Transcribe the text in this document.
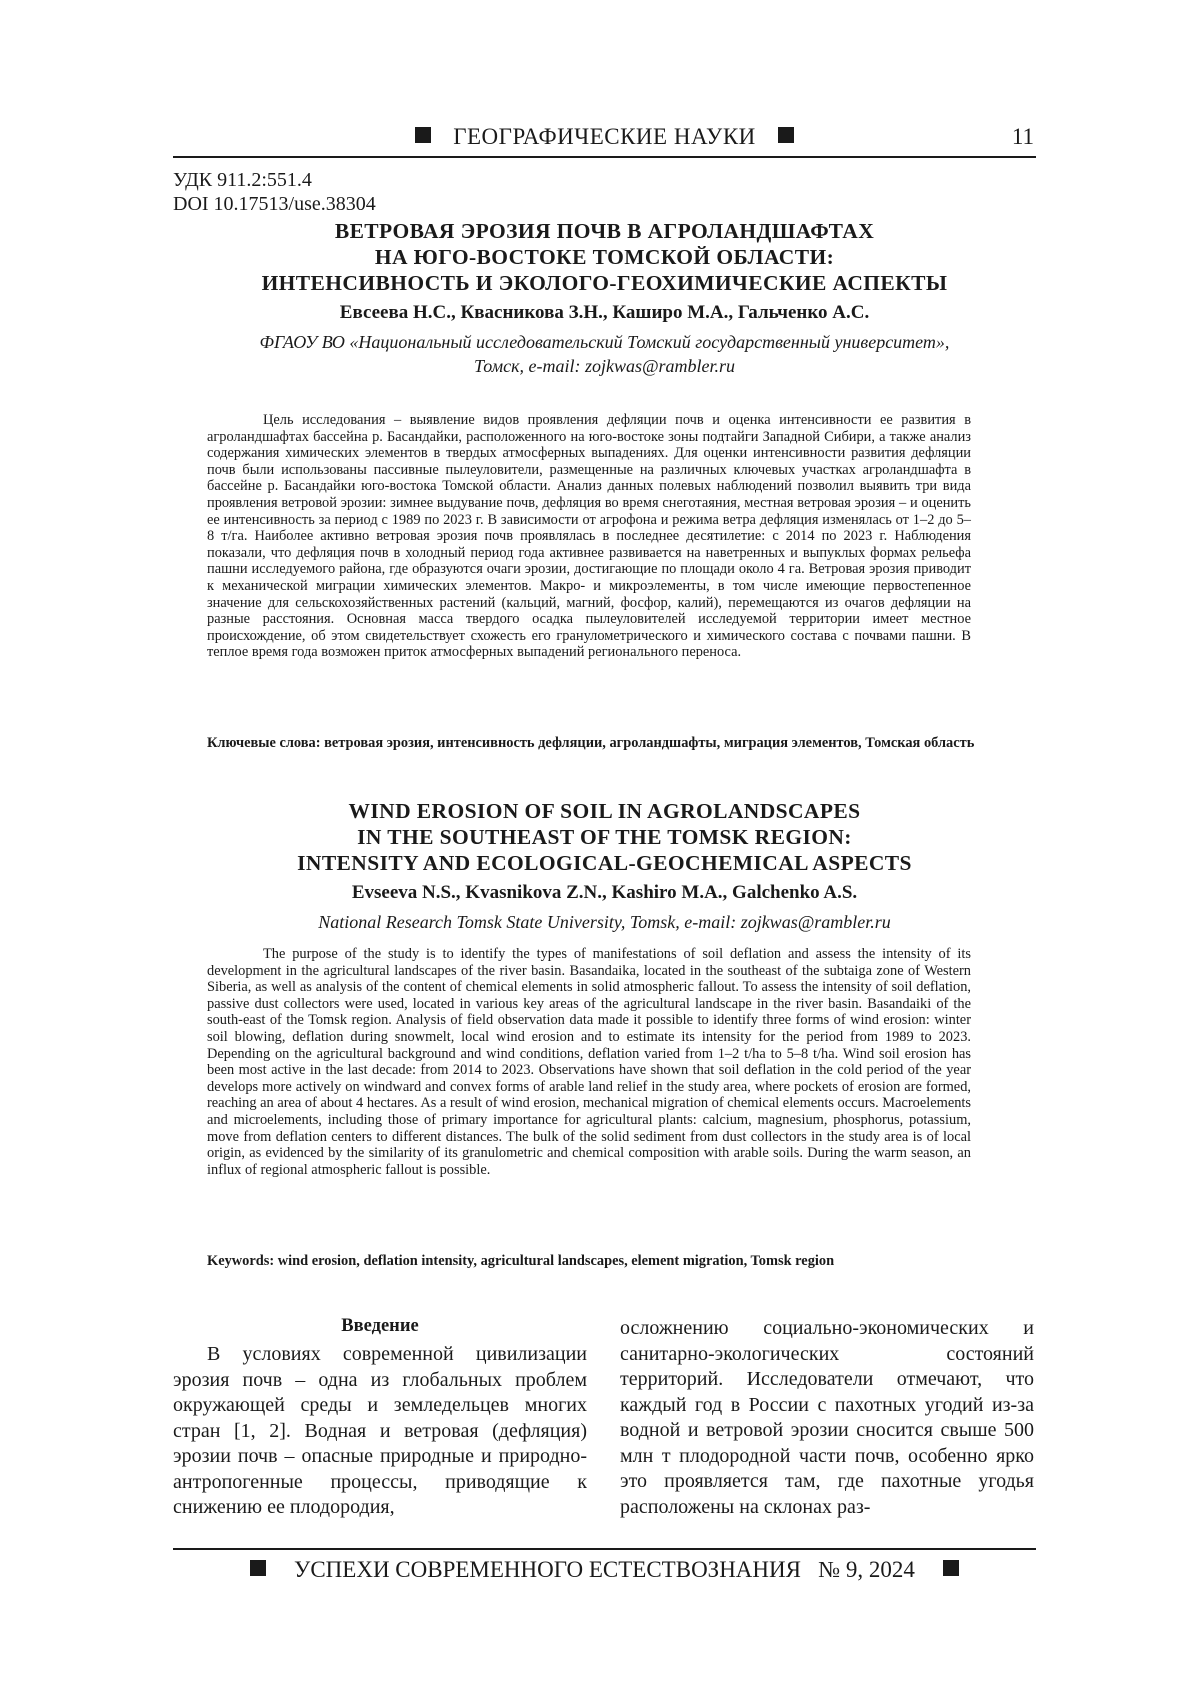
ГЕОГРАФИЧЕСКИЕ НАУКИ	11
УДК 911.2:551.4
DOI 10.17513/use.38304
ВЕТРОВАЯ ЭРОЗИЯ ПОЧВ В АГРОЛАНДШАФТАХ
НА ЮГО-ВОСТОКЕ ТОМСКОЙ ОБЛАСТИ:
ИНТЕНСИВНОСТЬ И ЭКОЛОГО-ГЕОХИМИЧЕСКИЕ АСПЕКТЫ
Евсеева Н.С., Квасникова З.Н., Каширо М.А., Гальченко А.С.
ФГАОУ ВО «Национальный исследовательский Томский государственный университет»,
Томск, e-mail: zojkwas@rambler.ru

Цель исследования – выявление видов проявления дефляции почв и оценка интенсивности ее развития в агроландшафтах бассейна р. Басандайки, расположенного на юго-востоке зоны подтайги Западной Сибири, а также анализ содержания химических элементов в твердых атмосферных выпадениях. Для оценки интенсивности развития дефляции почв были использованы пассивные пылеуловители, размещенные на различных ключевых участках агроландшафта в бассейне р. Басандайки юго-востока Томской области. Анализ данных полевых наблюдений позволил выявить три вида проявления ветровой эрозии: зимнее выдувание почв, дефляция во время снеготаяния, местная ветровая эрозия – и оценить ее интенсивность за период с 1989 по 2023 г. В зависимости от агрофона и режима ветра дефляция изменялась от 1–2 до 5–8 т/га. Наиболее активно ветровая эрозия почв проявлялась в последнее десятилетие: с 2014 по 2023 г. Наблюдения показали, что дефляция почв в холодный период года активнее развивается на наветренных и выпуклых формах рельефа пашни исследуемого района, где образуются очаги эрозии, достигающие по площади около 4 га. Ветровая эрозия приводит к механической миграции химических элементов. Макро- и микроэлементы, в том числе имеющие первостепенное значение для сельскохозяйственных растений (кальций, магний, фосфор, калий), перемещаются из очагов дефляции на разные расстояния. Основная масса твердого осадка пылеуловителей исследуемой территории имеет местное происхождение, об этом свидетельствует схожесть его гранулометрического и химического состава с почвами пашни. В теплое время года возможен приток атмосферных выпадений регионального переноса.

Ключевые слова: ветровая эрозия, интенсивность дефляции, агроландшафты, миграция элементов, Томская область
WIND EROSION OF SOIL IN AGROLANDSCAPES
IN THE SOUTHEAST OF THE TOMSK REGION:
INTENSITY AND ECOLOGICAL-GEOCHEMICAL ASPECTS
Evseeva N.S., Kvasnikova Z.N., Kashiro M.A., Galchenko A.S.
National Research Tomsk State University, Tomsk, e-mail: zojkwas@rambler.ru

The purpose of the study is to identify the types of manifestations of soil deflation and assess the intensity of its development in the agricultural landscapes of the river basin. Basandaika, located in the southeast of the subtaiga zone of Western Siberia, as well as analysis of the content of chemical elements in solid atmospheric fallout. To assess the intensity of soil deflation, passive dust collectors were used, located in various key areas of the agricultural landscape in the river basin. Basandaiki of the south-east of the Tomsk region. Analysis of field observation data made it possible to identify three forms of wind erosion: winter soil blowing, deflation during snowmelt, local wind erosion and to estimate its intensity for the period from 1989 to 2023. Depending on the agricultural background and wind conditions, deflation varied from 1–2 t/ha to 5–8 t/ha. Wind soil erosion has been most active in the last decade: from 2014 to 2023. Observations have shown that soil deflation in the cold period of the year develops more actively on windward and convex forms of arable land relief in the study area, where pockets of erosion are formed, reaching an area of about 4 hectares. As a result of wind erosion, mechanical migration of chemical elements occurs. Macroelements and microelements, including those of primary importance for agricultural plants: calcium, magnesium, phosphorus, potassium, move from deflation centers to different distances. The bulk of the solid sediment from dust collectors in the study area is of local origin, as evidenced by the similarity of its granulometric and chemical composition with arable soils. During the warm season, an influx of regional atmospheric fallout is possible.

Keywords: wind erosion, deflation intensity, agricultural landscapes, element migration, Tomsk region
Введение

В условиях современной цивилизации эрозия почв – одна из глобальных проблем окружающей среды и земледельцев многих стран [1, 2]. Водная и ветровая (дефляция) эрозии почв – опасные природные и природно-антропогенные процессы, приводящие к снижению ее плодородия,

осложнению социально-экономических и санитарно-экологических состояний территорий. Исследователи отмечают, что каждый год в России с пахотных угодий из-за водной и ветровой эрозии сносится свыше 500 млн т плодородной части почв, особенно ярко это проявляется там, где пахотные угодья расположены на склонах раз-

УСПЕХИ СОВРЕМЕННОГО ЕСТЕСТВОЗНАНИЯ № 9, 2024
